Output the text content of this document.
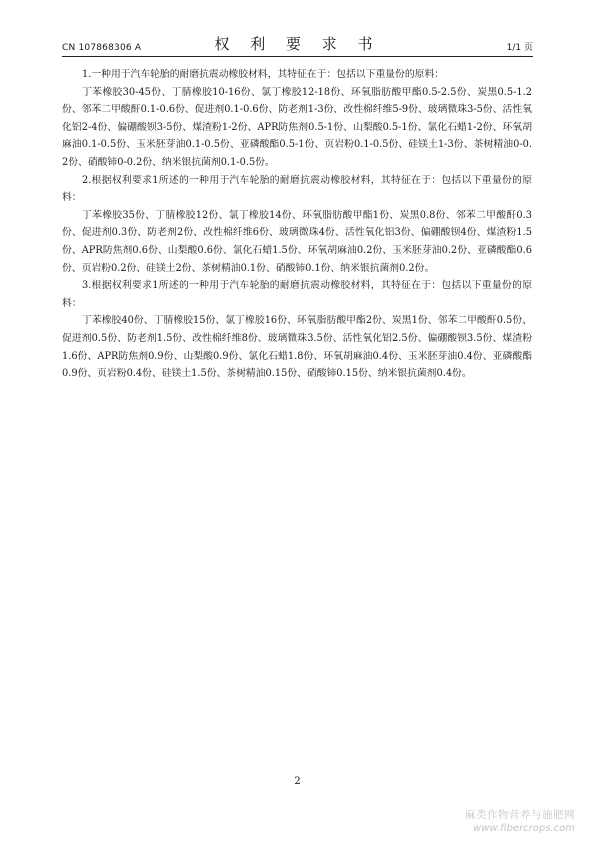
CN 107868306 A	权 利 要 求 书	1/1 页

1.一种用于汽车轮胎的耐磨抗震动橡胶材料，其特征在于：包括以下重量份的原料：

丁苯橡胶30-45份、丁腈橡胶10-16份、氯丁橡胶12-18份、环氧脂肪酸甲酯0.5-2.5份、炭黑0.5-1.2份、邻苯二甲酸酐0.1-0.6份、促进剂0.1-0.6份、防老剂1-3份、改性棉纤维5-9份、玻璃微珠3-5份、活性氧化铝2-4份、偏硼酸钡3-5份、煤渣粉1-2份、APR防焦剂0.5-1份、山梨酸0.5-1份、氯化石蜡1-2份、环氧胡麻油0.1-0.5份、玉米胚芽油0.1-0.5份、亚磷酸酯0.5-1份、页岩粉0.1-0.5份、硅镁土1-3份、茶树精油0-0.2份、硝酸铈0-0.2份、纳米银抗菌剂0.1-0.5份。

2.根据权利要求1所述的一种用于汽车轮胎的耐磨抗震动橡胶材料，其特征在于：包括以下重量份的原料：

丁苯橡胶35份、丁腈橡胶12份、氯丁橡胶14份、环氧脂肪酸甲酯1份、炭黑0.8份、邻苯二甲酸酐0.3份、促进剂0.3份、防老剂2份、改性棉纤维6份、玻璃微珠4份、活性氧化铝3份、偏硼酸钡4份、煤渣粉1.5份、APR防焦剂0.6份、山梨酸0.6份、氯化石蜡1.5份、环氧胡麻油0.2份、玉米胚芽油0.2份、亚磷酸酯0.6份、页岩粉0.2份、硅镁土2份、茶树精油0.1份、硝酸铈0.1份、纳米银抗菌剂0.2份。

3.根据权利要求1所述的一种用于汽车轮胎的耐磨抗震动橡胶材料，其特征在于：包括以下重量份的原料：

丁苯橡胶40份、丁腈橡胶15份、氯丁橡胶16份、环氧脂肪酸甲酯2份、炭黑1份、邻苯二甲酸酐0.5份、促进剂0.5份、防老剂1.5份、改性棉纤维8份、玻璃微珠3.5份、活性氧化铝2.5份、偏硼酸钡3.5份、煤渣粉1.6份、APR防焦剂0.9份、山梨酸0.9份、氯化石蜡1.8份、环氧胡麻油0.4份、玉米胚芽油0.4份、亚磷酸酯0.9份、页岩粉0.4份、硅镁土1.5份、茶树精油0.15份、硝酸铈0.15份、纳米银抗菌剂0.4份。

2
麻类作物营养与施肥网
www.fibercrops.com
